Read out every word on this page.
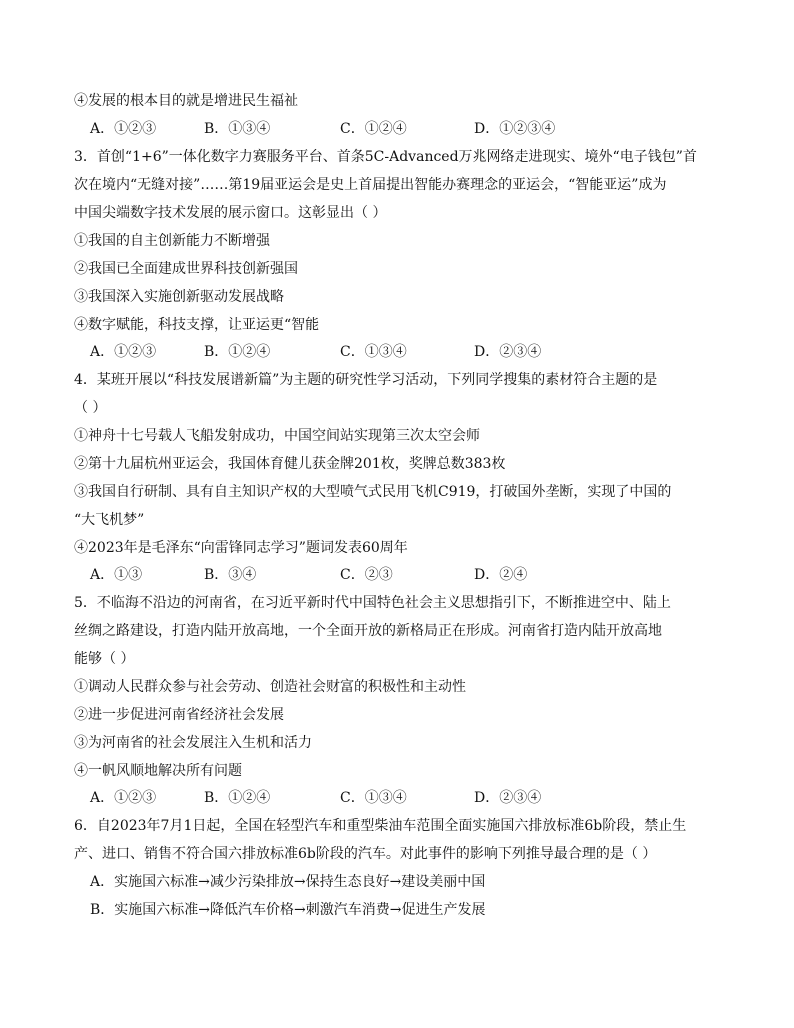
④发展的根本目的就是增进民生福祉
A．①②③	B．①③④	C．①②④	D．①②③④
3．首创“1+6”一体化数字力赛服务平台、首条5C-Advanced万兆网络走进现实、境外“电子钱包”首
次在境内“无缝对接”……第19届亚运会是史上首届提出智能办赛理念的亚运会，“智能亚运”成为
中国尖端数字技术发展的展示窗口。这彰显出（ ）
①我国的自主创新能力不断增强
②我国已全面建成世界科技创新强国
③我国深入实施创新驱动发展战略
④数字赋能，科技支撑，让亚运更“智能
A．①②③	B．①②④	C．①③④	D．②③④
4．某班开展以“科技发展谱新篇”为主题的研究性学习活动，下列同学搜集的素材符合主题的是
（ ）
①神舟十七号载人飞船发射成功，中国空间站实现第三次太空会师
②第十九届杭州亚运会，我国体育健儿获金牌201枚，奖牌总数383枚
③我国自行研制、具有自主知识产权的大型喷气式民用飞机C919，打破国外垄断，实现了中国的
“大飞机梦”
④2023年是毛泽东“向雷锋同志学习”题词发表60周年
A．①③	B．③④	C．②③	D．②④
5．不临海不沿边的河南省，在习近平新时代中国特色社会主义思想指引下，不断推进空中、陆上
丝绸之路建设，打造内陆开放高地，一个全面开放的新格局正在形成。河南省打造内陆开放高地
能够（ ）
①调动人民群众参与社会劳动、创造社会财富的积极性和主动性
②进一步促进河南省经济社会发展
③为河南省的社会发展注入生机和活力
④一帆风顺地解决所有问题
A．①②③	B．①②④	C．①③④	D．②③④
6．自2023年7月1日起，全国在轻型汽车和重型柴油车范围全面实施国六排放标准6b阶段，禁止生
产、进口、销售不符合国六排放标准6b阶段的汽车。对此事件的影响下列推导最合理的是（ ）
A．实施国六标准→减少污染排放→保持生态良好→建设美丽中国
B．实施国六标准→降低汽车价格→刺激汽车消费→促进生产发展
